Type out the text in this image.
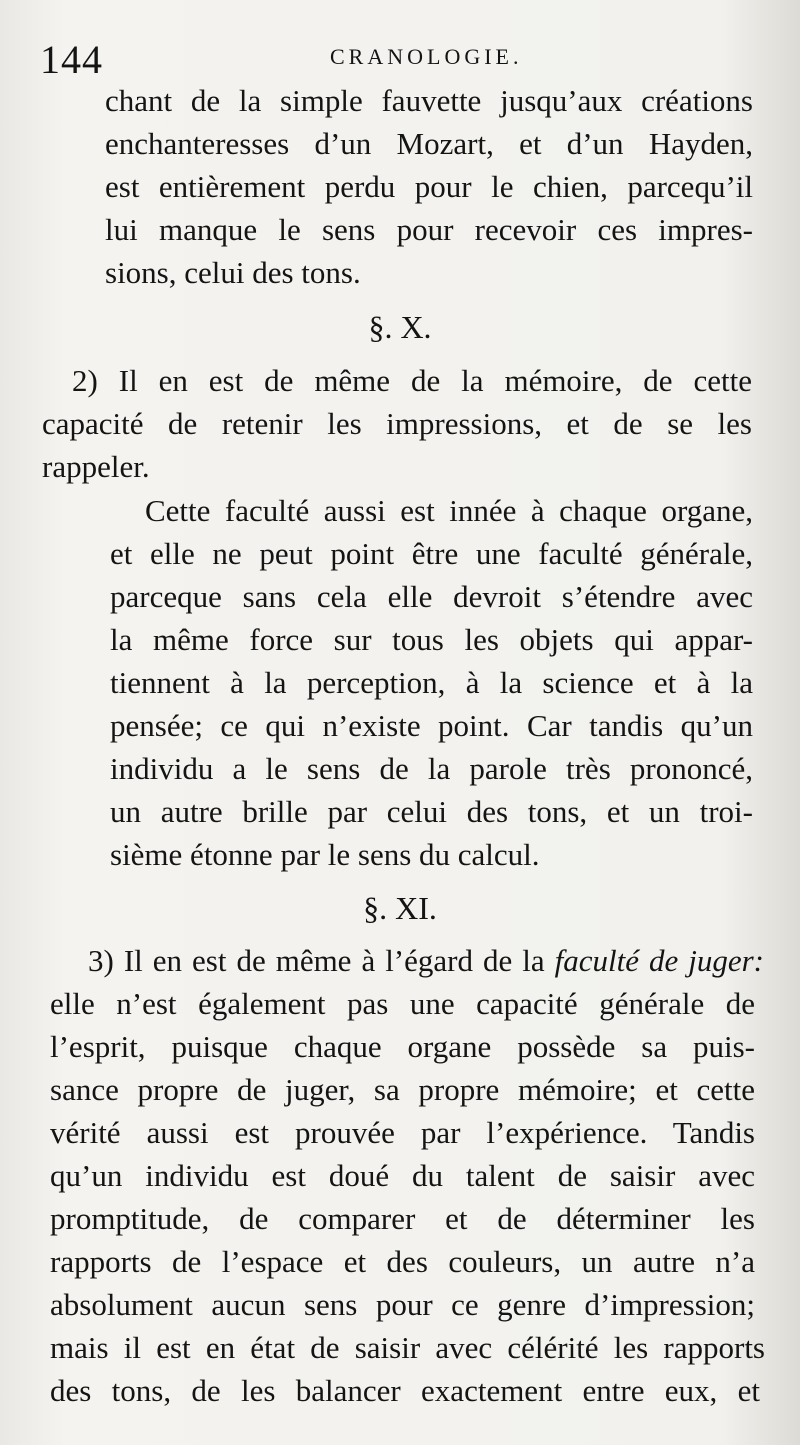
144	CRANOLOGIE.
chant de la simple fauvette jusqu’aux créations
enchanteresses d’un Mozart, et d’un Hayden,
est entièrement perdu pour le chien, parcequ’il
lui manque le sens pour recevoir ces impres-
sions, celui des tons.
§. X.
2) Il en est de même de la mémoire, de cette
capacité de retenir les impressions, et de se les
rappeler.
Cette faculté aussi est innée à chaque organe,
et elle ne peut point être une faculté générale,
parceque sans cela elle devroit s’étendre avec
la même force sur tous les objets qui appar-
tiennent à la perception, à la science et à la
pensée; ce qui n’existe point. Car tandis qu’un
individu a le sens de la parole très prononcé,
un autre brille par celui des tons, et un troi-
sième étonne par le sens du calcul.
§. XI.
3) Il en est de même à l’égard de la faculté de juger:
elle n’est également pas une capacité générale de
l’esprit, puisque chaque organe possède sa puis-
sance propre de juger, sa propre mémoire; et cette
vérité aussi est prouvée par l’expérience. Tandis
qu’un individu est doué du talent de saisir avec
promptitude, de comparer et de déterminer les
rapports de l’espace et des couleurs, un autre n’a
absolument aucun sens pour ce genre d’impression;
mais il est en état de saisir avec célérité les rapports
des tons, de les balancer exactement entre eux, et
